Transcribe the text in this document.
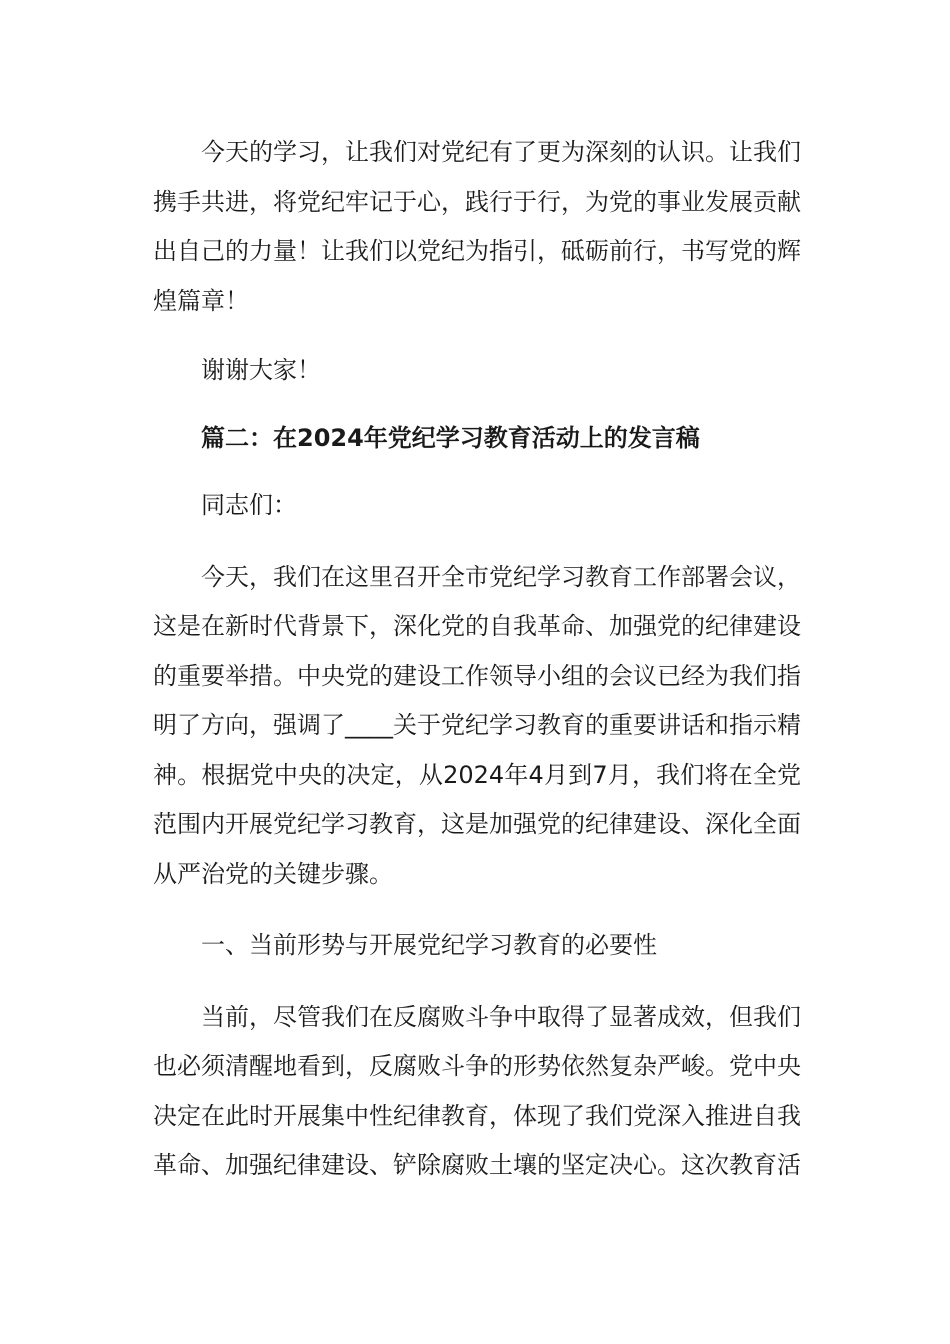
今天的学习，让我们对党纪有了更为深刻的认识。让我们携手共进，将党纪牢记于心，践行于行，为党的事业发展贡献出自己的力量！让我们以党纪为指引，砥砺前行，书写党的辉煌篇章！

谢谢大家！

篇二：在2024年党纪学习教育活动上的发言稿

同志们：

今天，我们在这里召开全市党纪学习教育工作部署会议，这是在新时代背景下，深化党的自我革命、加强党的纪律建设的重要举措。中央党的建设工作领导小组的会议已经为我们指明了方向，强调了____关于党纪学习教育的重要讲话和指示精神。根据党中央的决定，从2024年4月到7月，我们将在全党范围内开展党纪学习教育，这是加强党的纪律建设、深化全面从严治党的关键步骤。

一、当前形势与开展党纪学习教育的必要性

当前，尽管我们在反腐败斗争中取得了显著成效，但我们也必须清醒地看到，反腐败斗争的形势依然复杂严峻。党中央决定在此时开展集中性纪律教育，体现了我们党深入推进自我革命、加强纪律建设、铲除腐败土壤的坚定决心。这次教育活
